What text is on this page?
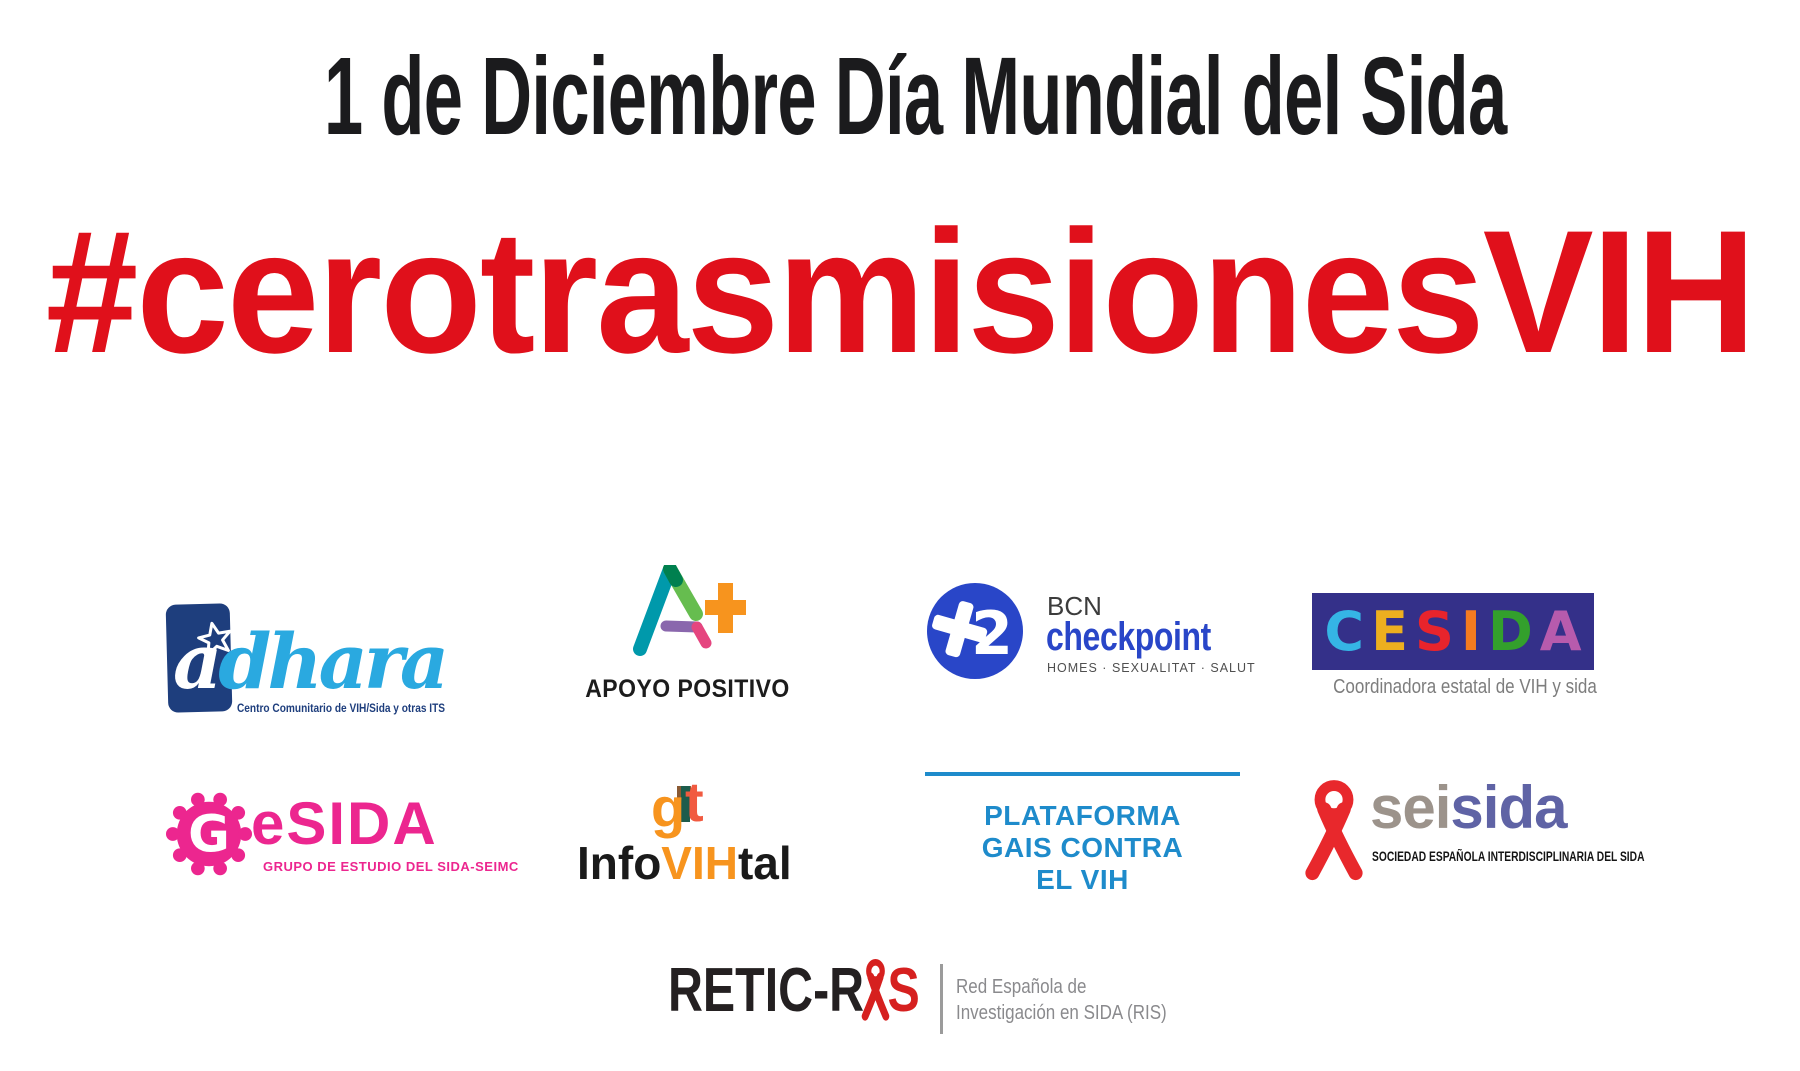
1 de Diciembre Día Mundial del Sida
#cerotrasmisionesVIH
adhara
Centro Comunitario de VIH/Sida y otras ITS
APOYO POSITIVO
2 BCN
checkpoint
HOMES · SEXUALITAT · SALUT
C E S I D A
Coordinadora estatal de VIH y sida
G eSIDA
GRUPO DE ESTUDIO DEL SIDA-SEIMC
g t
InfoVIHtal
PLATAFORMA
GAIS CONTRA
EL VIH
seisida
SOCIEDAD ESPAÑOLA INTERDISCIPLINARIA DEL SIDA
RETIC-R S Red Española de
Investigación en SIDA (RIS)
